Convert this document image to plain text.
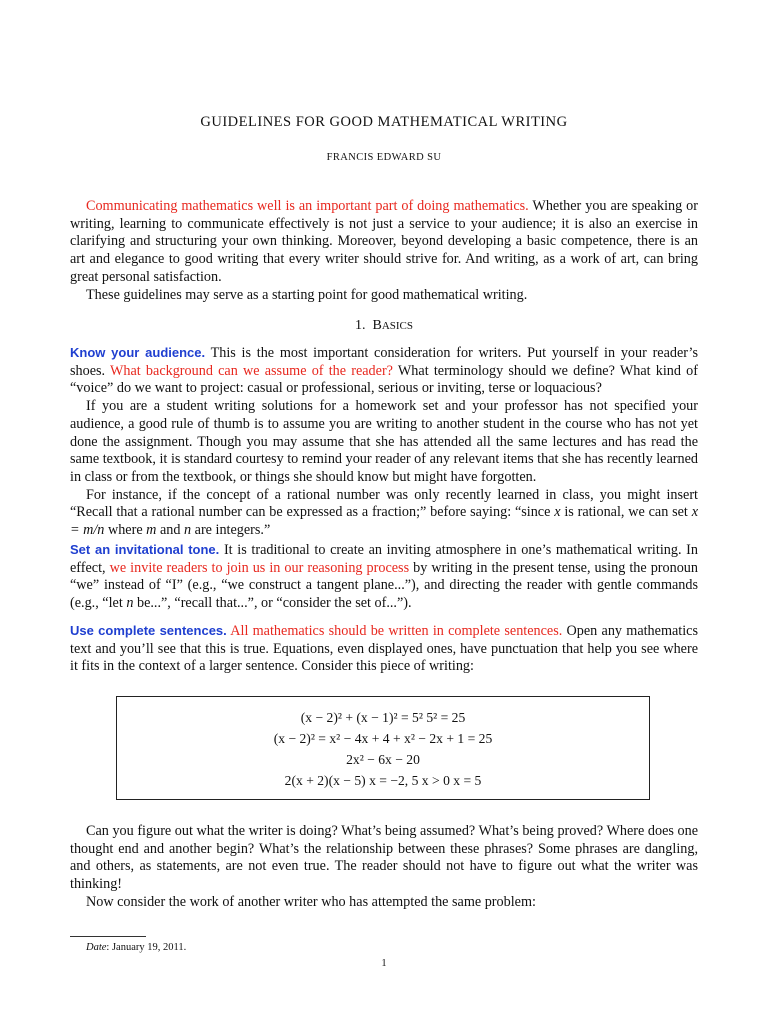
GUIDELINES FOR GOOD MATHEMATICAL WRITING
FRANCIS EDWARD SU

Communicating mathematics well is an important part of doing mathematics. Whether you are speaking or writing, learning to communicate effectively is not just a service to your audience; it is also an exercise in clarifying and structuring your own thinking. Moreover, beyond developing a basic competence, there is an art and elegance to good writing that every writer should strive for. And writing, as a work of art, can bring great personal satisfaction.

These guidelines may serve as a starting point for good mathematical writing.

1. BASICS

Know your audience. This is the most important consideration for writers. Put yourself in your reader’s shoes. What background can we assume of the reader? What terminology should we define? What kind of “voice” do we want to project: casual or professional, serious or inviting, terse or loquacious?

If you are a student writing solutions for a homework set and your professor has not specified your audience, a good rule of thumb is to assume you are writing to another student in the course who has not yet done the assignment. Though you may assume that she has attended all the same lectures and has read the same textbook, it is standard courtesy to remind your reader of any relevant items that she has recently learned in class or from the textbook, or things she should know but might have forgotten.

For instance, if the concept of a rational number was only recently learned in class, you might insert “Recall that a rational number can be expressed as a fraction;” before saying: “since x is rational, we can set x = m/n where m and n are integers.”

Set an invitational tone. It is traditional to create an inviting atmosphere in one’s mathematical writing. In effect, we invite readers to join us in our reasoning process by writing in the present tense, using the pronoun “we” instead of “I” (e.g., “we construct a tangent plane...”), and directing the reader with gentle commands (e.g., “let n be...”, “recall that...”, or “consider the set of...”).

Use complete sentences. All mathematics should be written in complete sentences. Open any mathematics text and you’ll see that this is true. Equations, even displayed ones, have punctuation that help you see where it fits in the context of a larger sentence. Consider this piece of writing:

(x − 2)² + (x − 1)² = 5² 5² = 25
(x − 2)² = x² − 4x + 4 + x² − 2x + 1 = 25
2x² − 6x − 20
2(x + 2)(x − 5) x = −2, 5 x > 0 x = 5

Can you figure out what the writer is doing? What’s being assumed? What’s being proved? Where does one thought end and another begin? What’s the relationship between these phrases? Some phrases are dangling, and others, as statements, are not even true. The reader should not have to figure out what the writer was thinking!

Now consider the work of another writer who has attempted the same problem:

Date: January 19, 2011.
1
